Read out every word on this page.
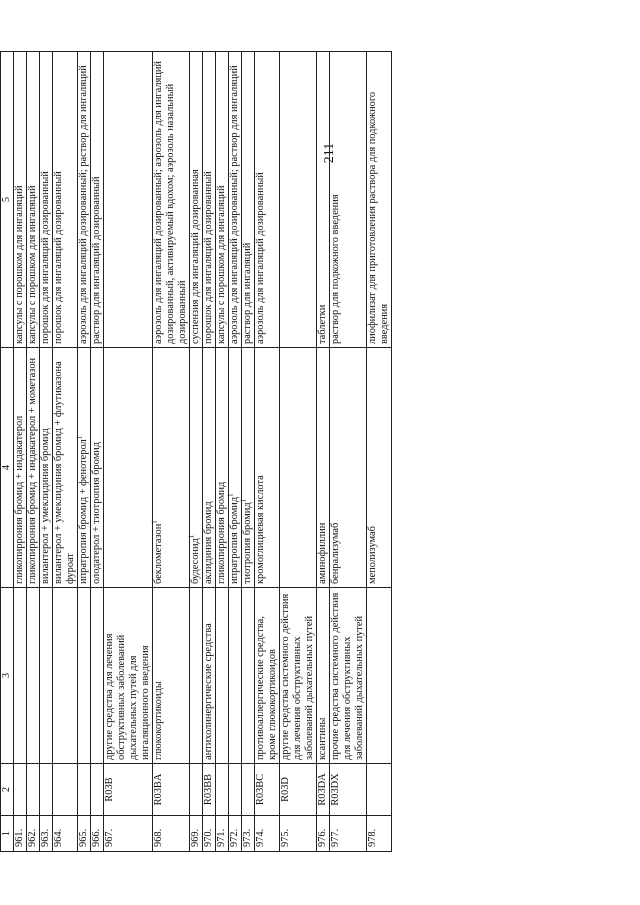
211
1	2	3	4	5
961.			гликопиррония бромид + индакатерол	капсулы с порошком для ингаляций
962.			гликопиррония бромид + индакатерол + мометазон	капсулы с порошком для ингаляций
963.			вилантерол + умеклидиния бромид	порошок для ингаляций дозированный
964.			вилантерол + умеклидиния бромид + флутиказона фуроат	порошок для ингаляций дозированный
965.			ипратропия бромид + фенотерол$^1$	аэрозоль для ингаляций дозированный; раствор для ингаляций
966.			олодатерол + тиотропия бромид	раствор для ингаляций дозированный
967.	R03B	другие средства для лечения обструктивных заболеваний дыхательных путей для ингаляционного введения		
968.	R03BA	глюкокортикоиды	беклометазон$^1$	аэрозоль для ингаляций дозированный; аэрозоль для ингаляций дозированный, активируемый вдохом; аэрозоль назальный дозированный
969.			будесонид$^1$	суспензия для ингаляций дозированная
970.	R03BB	антихолинергические средства	аклидиния бромид	порошок для ингаляций дозированный
971.			гликопиррония бромид	капсулы с порошком для ингаляций
972.			ипратропия бромид$^1$	аэрозоль для ингаляций дозированный; раствор для ингаляций
973.			тиотропия бромид$^1$	раствор для ингаляций
974.	R03BC	противоаллергические средства, кроме глюкокортикоидов	кромоглициевая кислота	аэрозоль для ингаляций дозированный
975.	R03D	другие средства системного действия для лечения обструктивных заболеваний дыхательных путей		
976.	R03DA	ксантины	аминофиллин	таблетки
977.	R03DX	прочие средства системного действия для лечения обструктивных заболеваний дыхательных путей	бенрализумаб	раствор для подкожного введения
978.			меполизумаб	лиофилизат для приготовления раствора для подкожного введения
